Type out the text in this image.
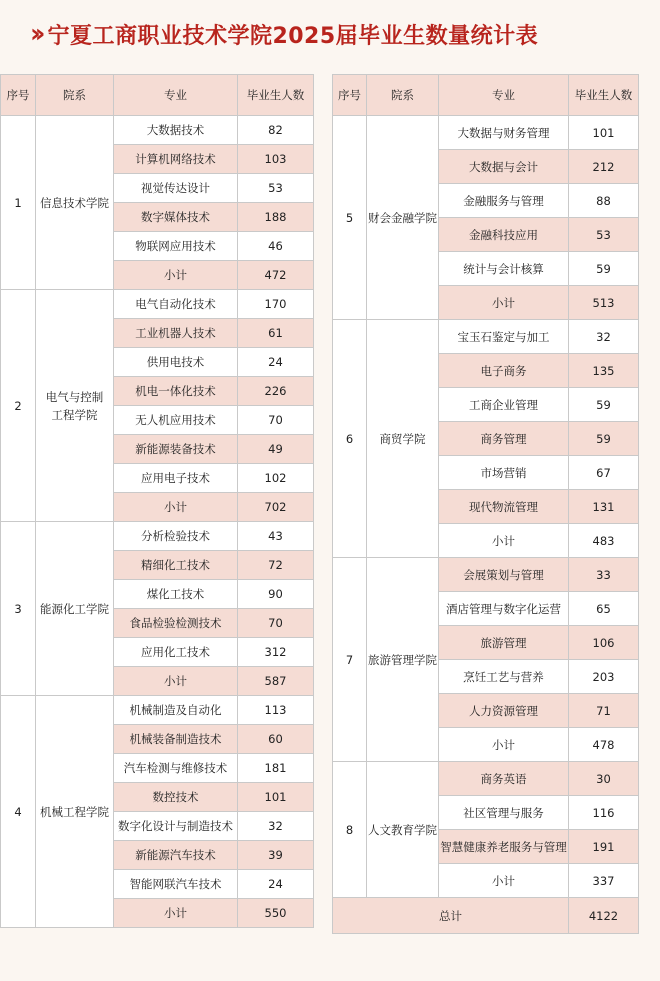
›› 宁夏工商职业技术学院2025届毕业生数量统计表
序号	院系	专业	毕业生人数
1	信息技术学院	大数据技术	82
		计算机网络技术	103
		视觉传达设计	53
		数字媒体技术	188
		物联网应用技术	46
		小计	472
2	电气与控制工程学院	电气自动化技术	170
		工业机器人技术	61
		供用电技术	24
		机电一体化技术	226
		无人机应用技术	70
		新能源装备技术	49
		应用电子技术	102
		小计	702
3	能源化工学院	分析检验技术	43
		精细化工技术	72
		煤化工技术	90
		食品检验检测技术	70
		应用化工技术	312
		小计	587
4	机械工程学院	机械制造及自动化	113
		机械装备制造技术	60
		汽车检测与维修技术	181
		数控技术	101
		数字化设计与制造技术	32
		新能源汽车技术	39
		智能网联汽车技术	24
		小计	550
序号	院系	专业	毕业生人数
5	财会金融学院	大数据与财务管理	101
		大数据与会计	212
		金融服务与管理	88
		金融科技应用	53
		统计与会计核算	59
		小计	513
6	商贸学院	宝玉石鉴定与加工	32
		电子商务	135
		工商企业管理	59
		商务管理	59
		市场营销	67
		现代物流管理	131
		小计	483
7	旅游管理学院	会展策划与管理	33
		酒店管理与数字化运营	65
		旅游管理	106
		烹饪工艺与营养	203
		人力资源管理	71
		小计	478
8	人文教育学院	商务英语	30
		社区管理与服务	116
		智慧健康养老服务与管理	191
		小计	337
总计			4122
